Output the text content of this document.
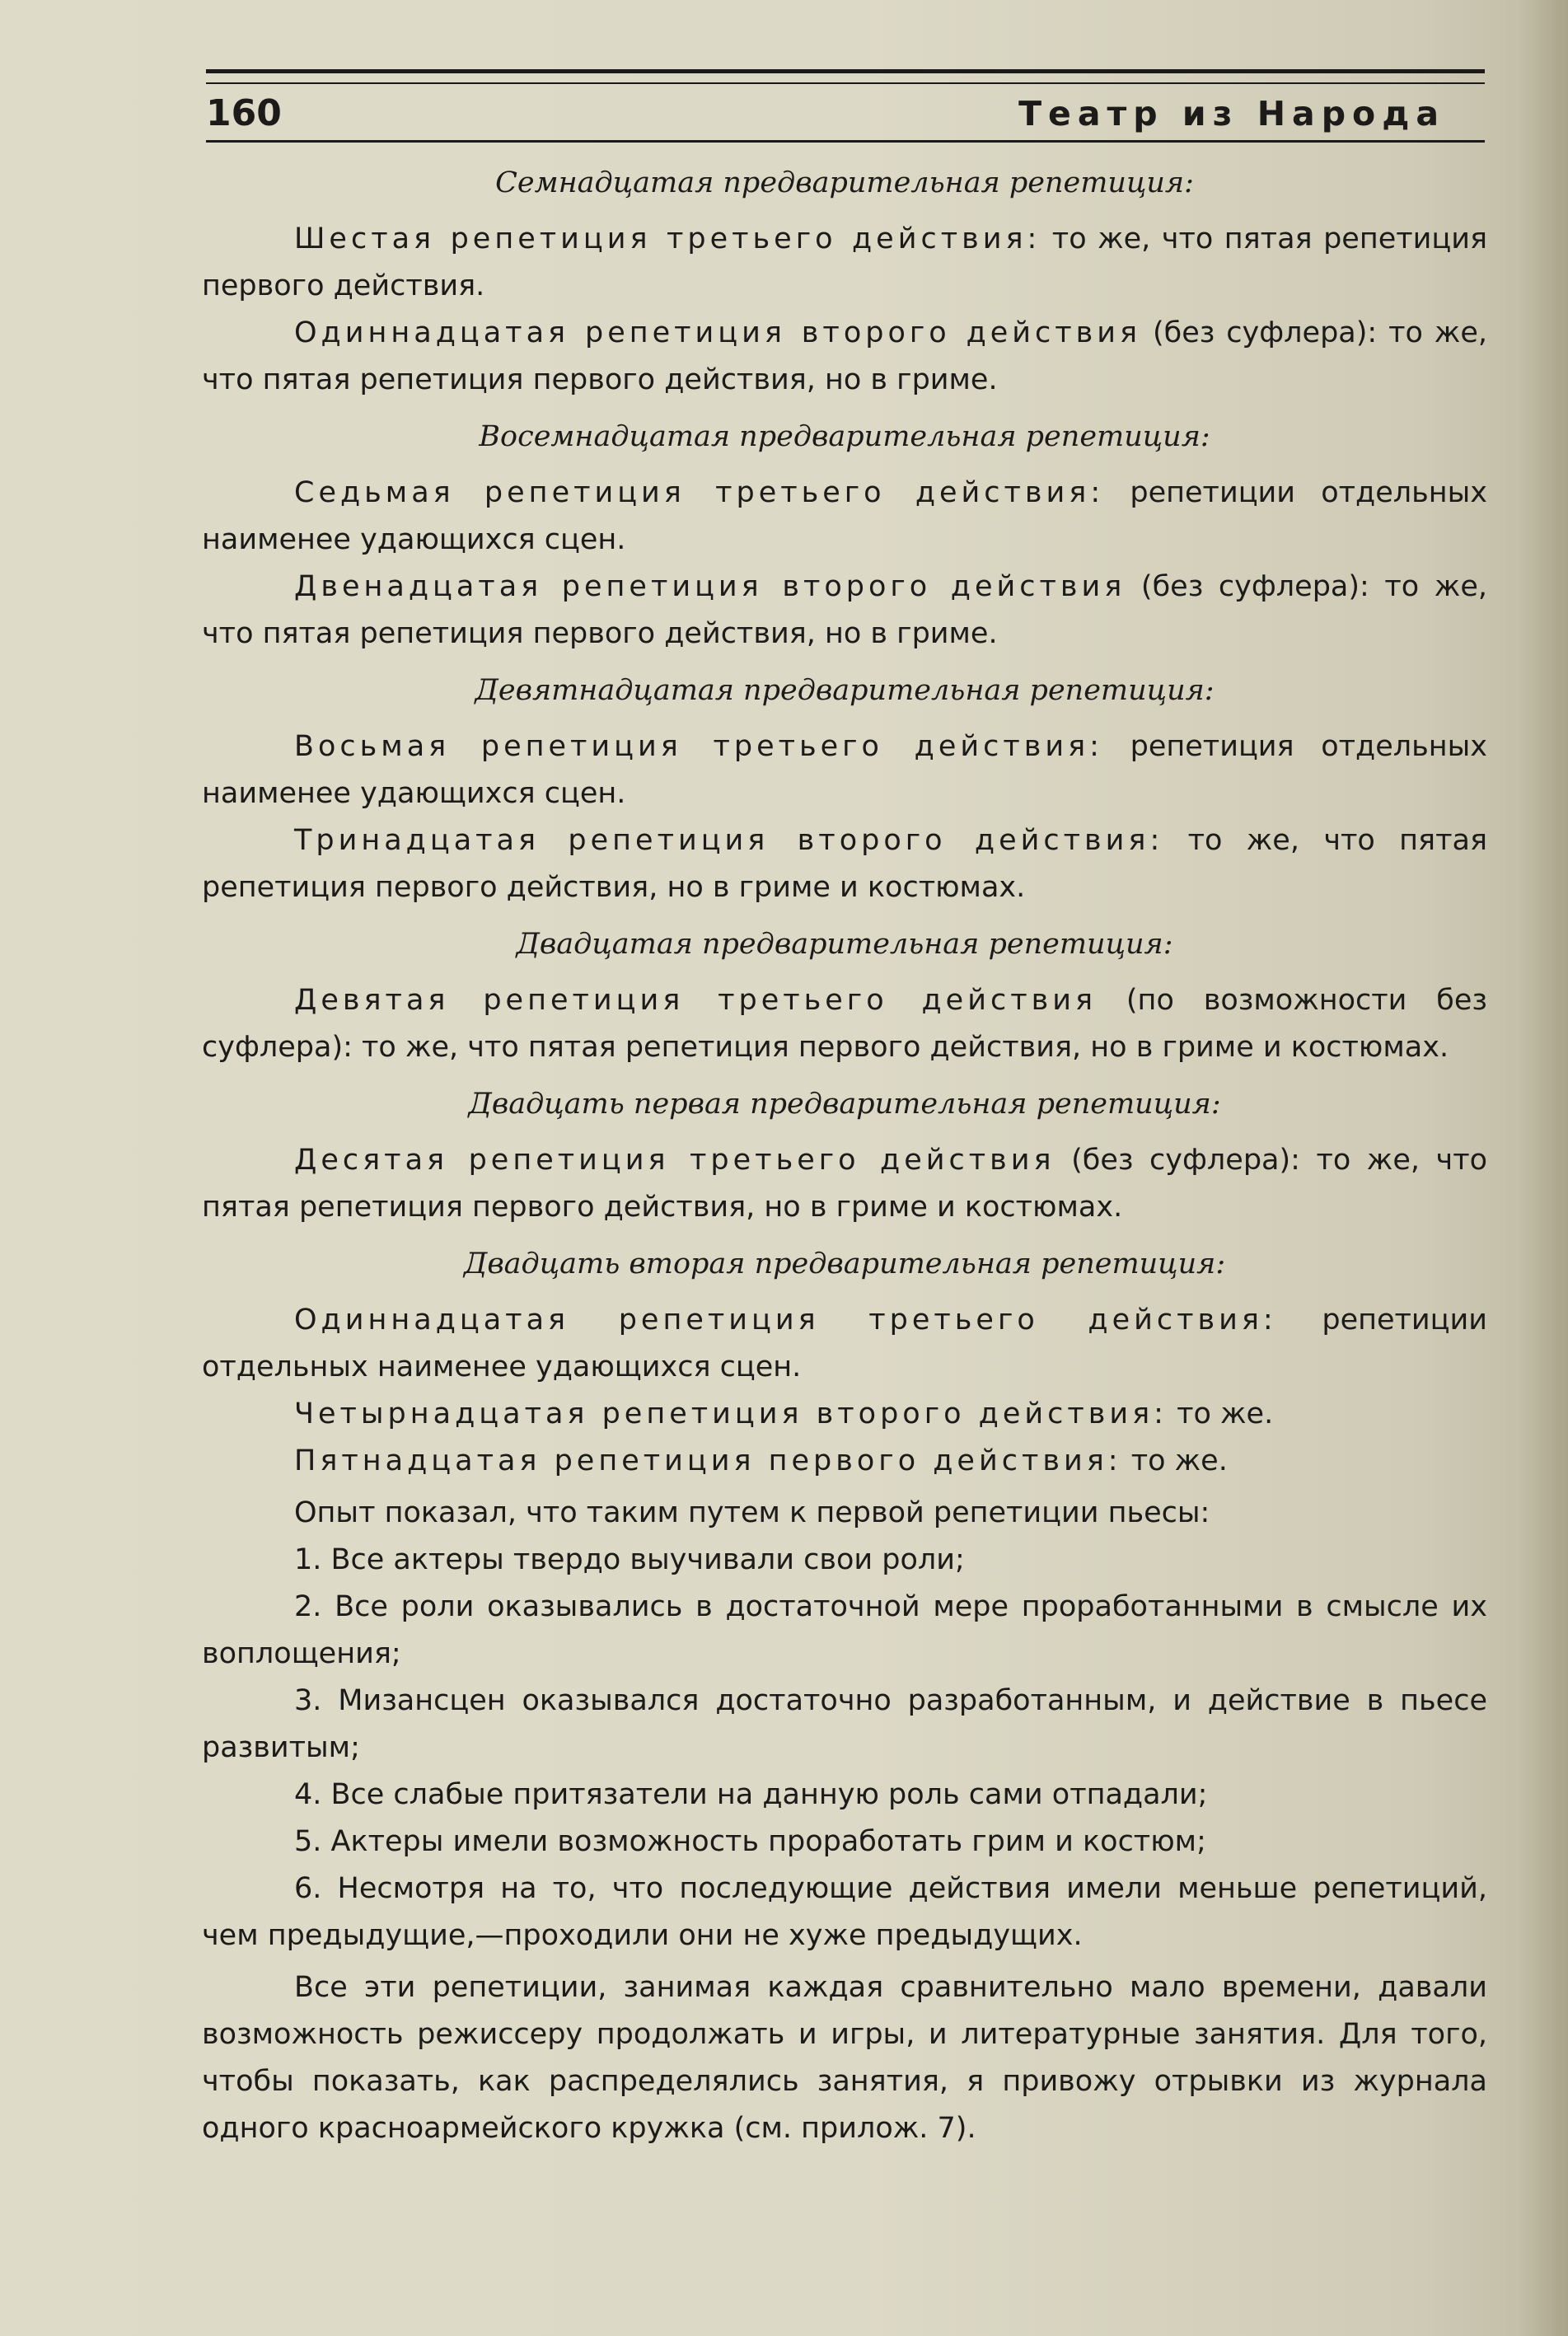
160	Театр из Народа

Семнадцатая предварительная репетиция:

Шестая репетиция третьего действия: то же, что пятая репетиция первого действия.

Одиннадцатая репетиция второго действия (без суфлера): то же, что пятая репетиция первого действия, но в гриме.

Восемнадцатая предварительная репетиция:

Седьмая репетиция третьего действия: репетиции отдельных наименее удающихся сцен.

Двенадцатая репетиция второго действия (без суфлера): то же, что пятая репетиция первого действия, но в гриме.

Девятнадцатая предварительная репетиция:

Восьмая репетиция третьего действия: репетиция отдельных наименее удающихся сцен.

Тринадцатая репетиция второго действия: то же, что пятая репетиция первого действия, но в гриме и костюмах.

Двадцатая предварительная репетиция:

Девятая репетиция третьего действия (по возможности без суфлера): то же, что пятая репетиция первого действия, но в гриме и костюмах.

Двадцать первая предварительная репетиция:

Десятая репетиция третьего действия (без суфлера): то же, что пятая репетиция первого действия, но в гриме и костюмах.

Двадцать вторая предварительная репетиция:

Одиннадцатая репетиция третьего действия: репетиции отдельных наименее удающихся сцен.

Четырнадцатая репетиция второго действия: то же.

Пятнадцатая репетиция первого действия: то же.

Опыт показал, что таким путем к первой репетиции пьесы:

1. Все актеры твердо выучивали свои роли;

2. Все роли оказывались в достаточной мере проработанными в смысле их воплощения;

3. Мизансцен оказывался достаточно разработанным, и действие в пьесе развитым;

4. Все слабые притязатели на данную роль сами отпадали;

5. Актеры имели возможность проработать грим и костюм;

6. Несмотря на то, что последующие действия имели меньше репетиций, чем предыдущие,—проходили они не хуже предыдущих.

Все эти репетиции, занимая каждая сравнительно мало времени, давали возможность режиссеру продолжать и игры, и литературные занятия. Для того, чтобы показать, как распределялись занятия, я привожу отрывки из журнала одного красноармейского кружка (см. прилож. 7).
